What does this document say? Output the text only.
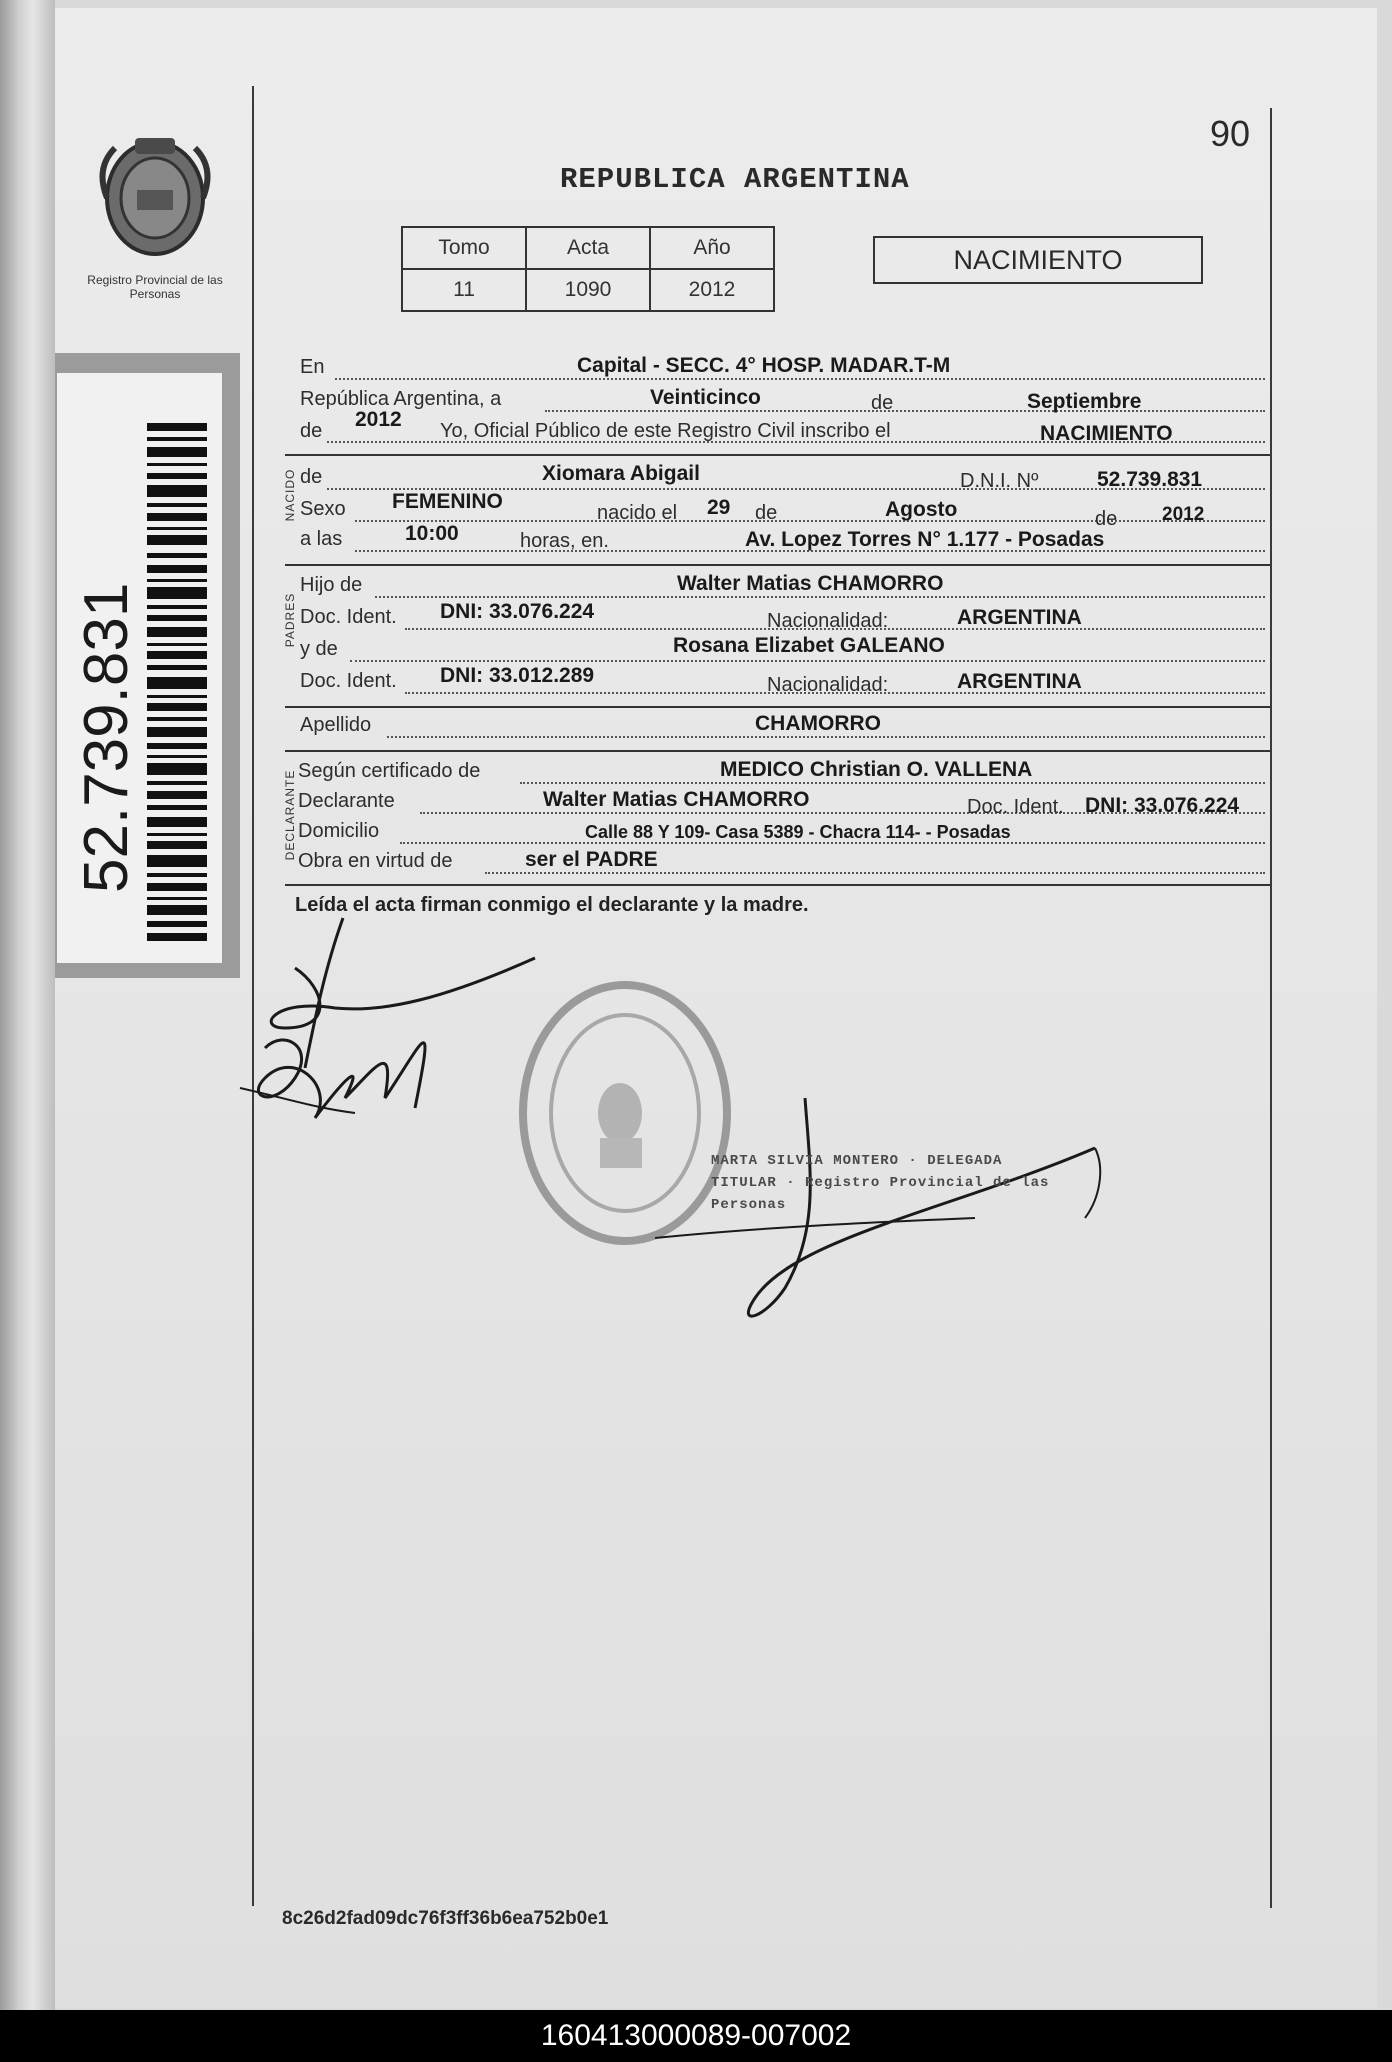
Registro Provincial de las Personas
52.739.831
90
REPUBLICA ARGENTINA
Tomo	Acta	Año
11	1090	2012
NACIMIENTO
En	Capital - SECC. 4° HOSP. MADAR.T-M
República Argentina, a	Veinticinco	de	Septiembre
de 2012 Yo, Oficial Público de este Registro Civil inscribo el	NACIMIENTO
NACIDO de	Xiomara Abigail	D.N.I. Nº	52.739.831
Sexo FEMENINO	nacido el 29 de	Agosto	de 2012
a las	10:00	horas, en.	Av. Lopez Torres N° 1.177 - Posadas
PADRES
Hijo de	Walter Matias CHAMORRO
Doc. Ident. DNI: 33.076.224	Nacionalidad:	ARGENTINA
y de	Rosana Elizabet GALEANO
Doc. Ident. DNI: 33.012.289	Nacionalidad:	ARGENTINA
Apellido	CHAMORRO
DECLARANTE Según certificado de	MEDICO Christian O. VALLENA
Declarante	Walter Matias CHAMORRO	Doc. Ident. DNI: 33.076.224
Domicilio	Calle 88 Y 109- Casa 5389 - Chacra 114- - Posadas
Obra en virtud de	ser el PADRE
Leída el acta firman conmigo el declarante y la madre.
MARTA SILVIA MONTERO · DELEGADA TITULAR · Registro Provincial de las Personas
8c26d2fad09dc76f3ff36b6ea752b0e1
160413000089-007002
